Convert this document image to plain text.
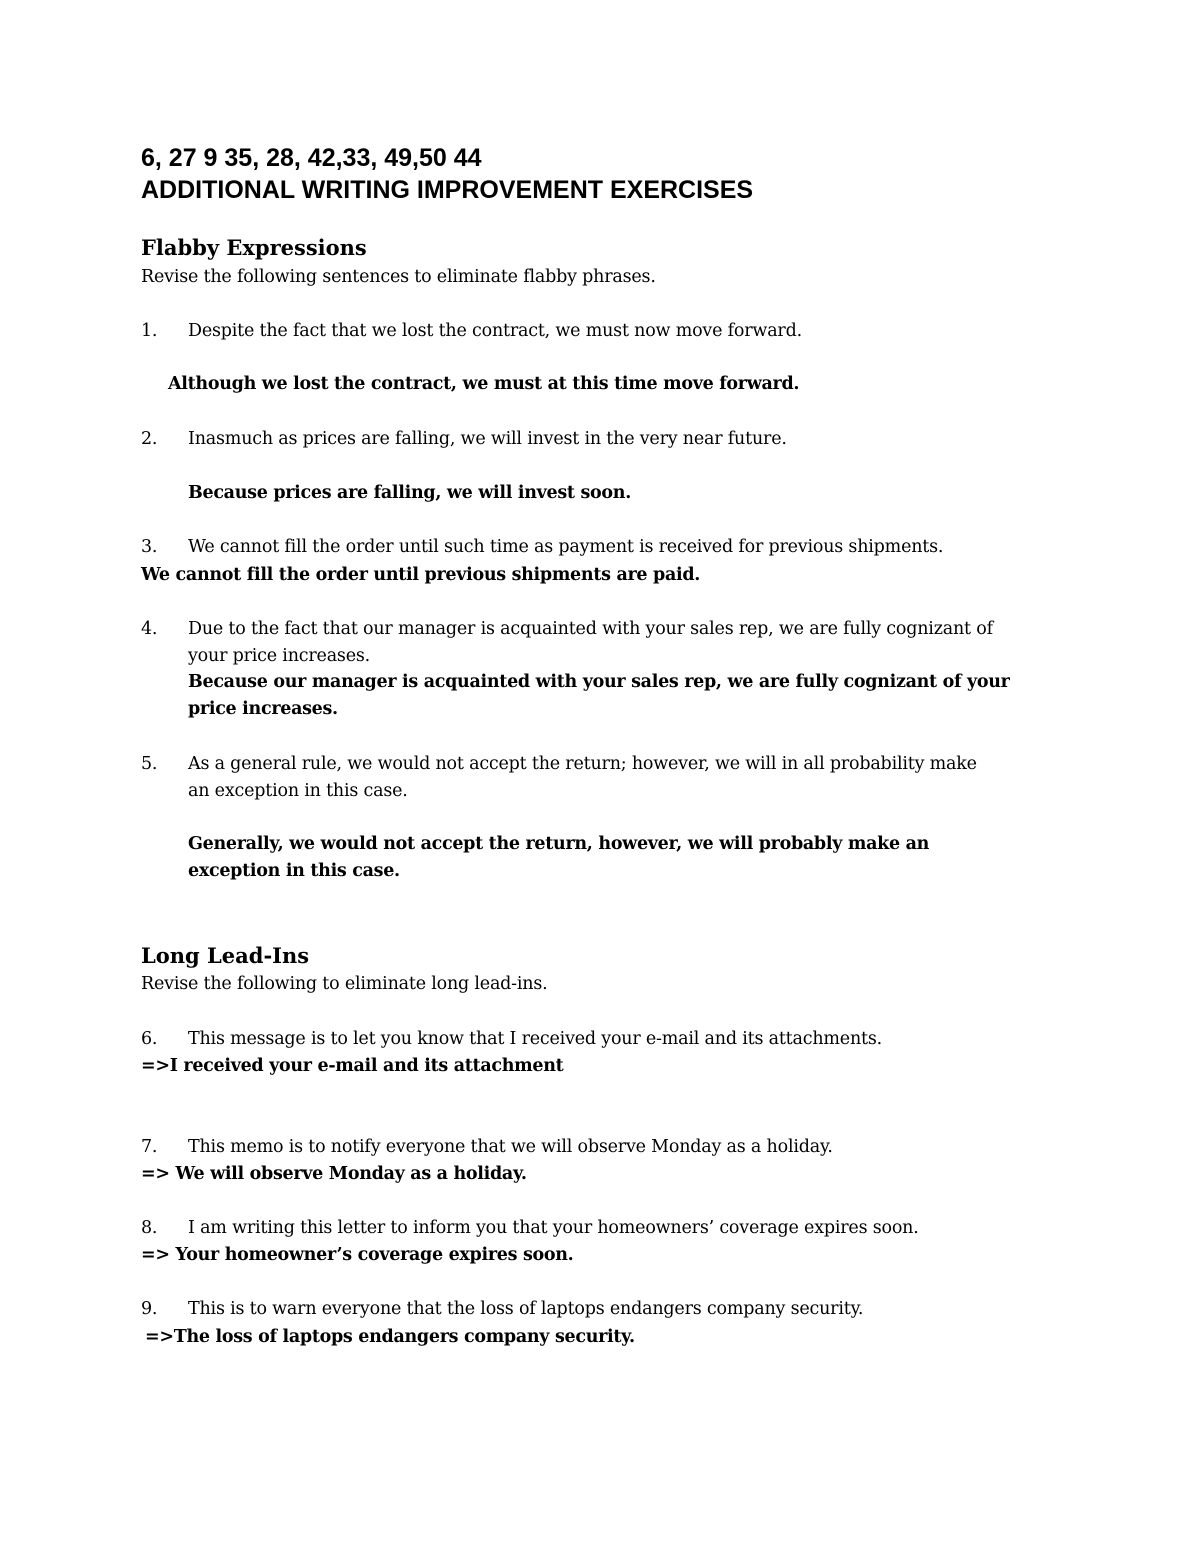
6, 27 9 35, 28, 42,33, 49,50 44
ADDITIONAL WRITING IMPROVEMENT EXERCISES
Flabby Expressions
Revise the following sentences to eliminate flabby phrases.
1. Despite the fact that we lost the contract, we must now move forward.
Although we lost the contract, we must at this time move forward.
2. Inasmuch as prices are falling, we will invest in the very near future.
Because prices are falling, we will invest soon.
3. We cannot fill the order until such time as payment is received for previous shipments.
We cannot fill the order until previous shipments are paid.
4. Due to the fact that our manager is acquainted with your sales rep, we are fully cognizant of
your price increases.
Because our manager is acquainted with your sales rep, we are fully cognizant of your
price increases.
5. As a general rule, we would not accept the return; however, we will in all probability make
an exception in this case.
Generally, we would not accept the return, however, we will probably make an
exception in this case.
Long Lead-Ins
Revise the following to eliminate long lead-ins.
6. This message is to let you know that I received your e-mail and its attachments.
=>I received your e-mail and its attachment
7. This memo is to notify everyone that we will observe Monday as a holiday.
=> We will observe Monday as a holiday.
8. I am writing this letter to inform you that your homeowners’ coverage expires soon.
=> Your homeowner’s coverage expires soon.
9. This is to warn everyone that the loss of laptops endangers company security.
=>The loss of laptops endangers company security.
